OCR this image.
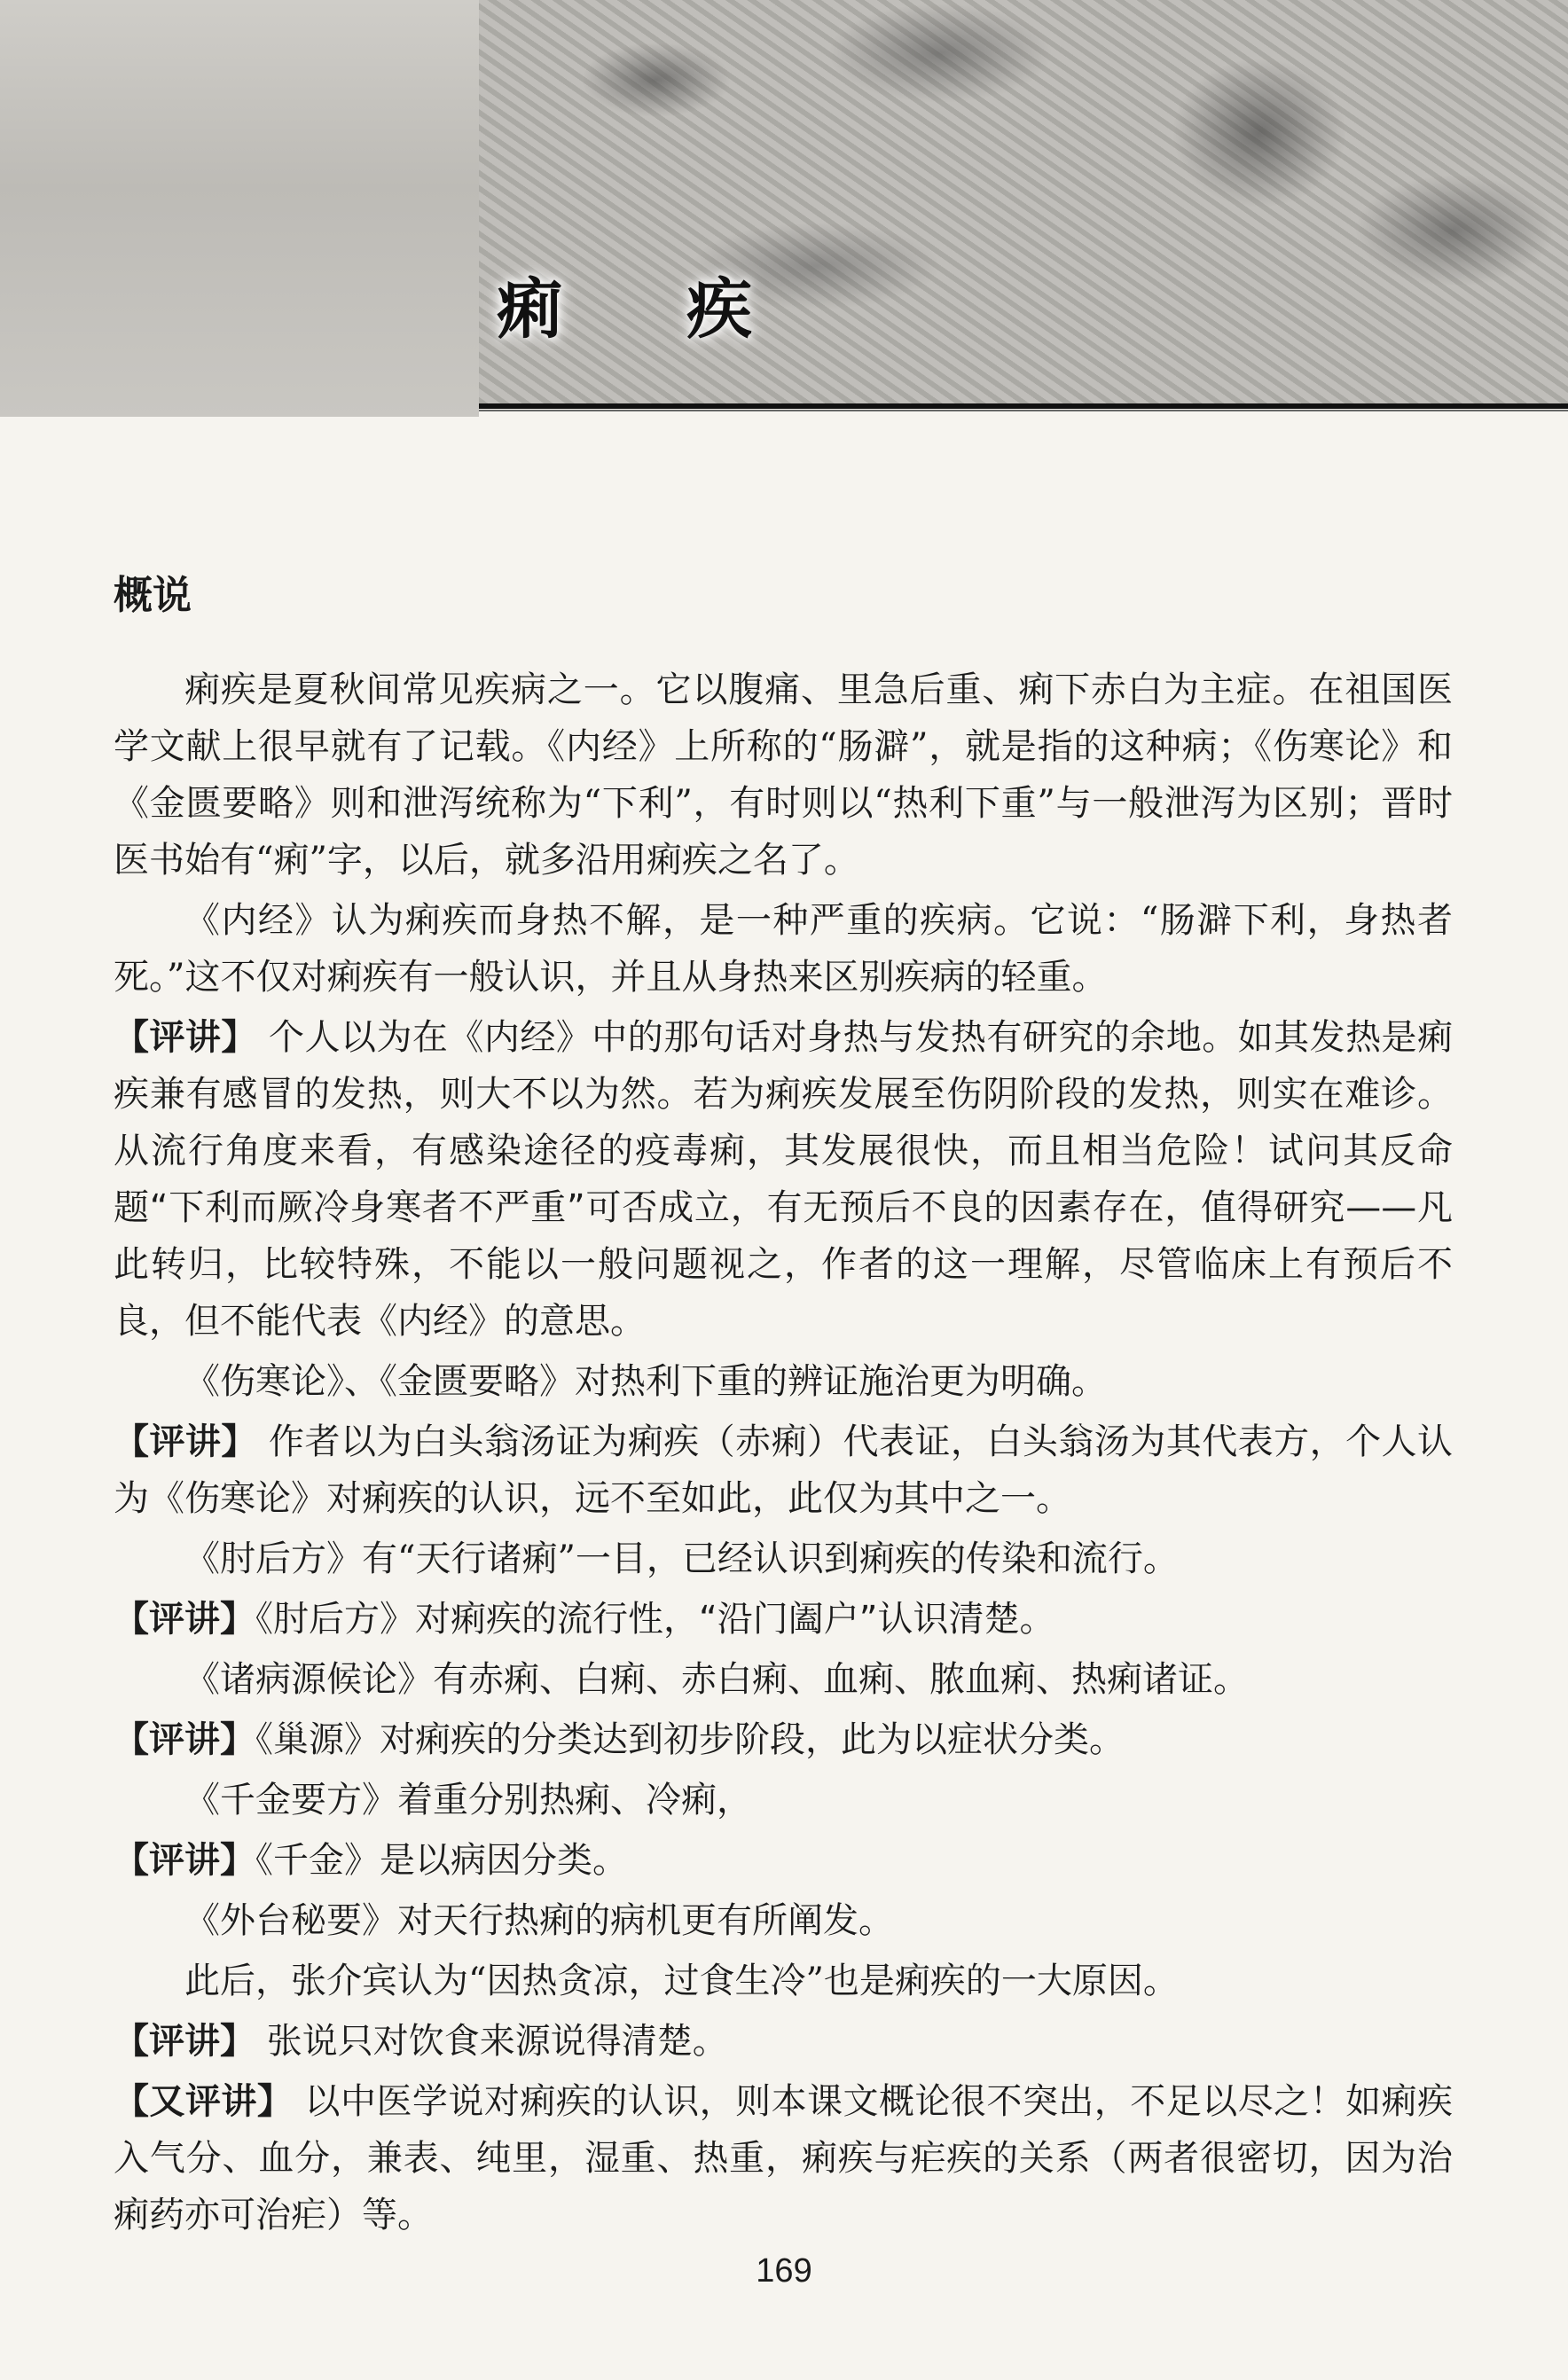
痢疾
概说

痢疾是夏秋间常见疾病之一。它以腹痛、里急后重、痢下赤白为主症。在祖国医学文献上很早就有了记载。《内经》上所称的“肠澼”，就是指的这种病；《伤寒论》和《金匮要略》则和泄泻统称为“下利”，有时则以“热利下重”与一般泄泻为区别；晋时医书始有“痢”字，以后，就多沿用痢疾之名了。

《内经》认为痢疾而身热不解，是一种严重的疾病。它说：“肠澼下利，身热者死。”这不仅对痢疾有一般认识，并且从身热来区别疾病的轻重。

【评讲】 个人以为在《内经》中的那句话对身热与发热有研究的余地。如其发热是痢疾兼有感冒的发热，则大不以为然。若为痢疾发展至伤阴阶段的发热，则实在难诊。从流行角度来看，有感染途径的疫毒痢，其发展很快，而且相当危险！试问其反命题“下利而厥冷身寒者不严重”可否成立，有无预后不良的因素存在，值得研究——凡此转归，比较特殊，不能以一般问题视之，作者的这一理解，尽管临床上有预后不良，但不能代表《内经》的意思。

《伤寒论》、《金匮要略》对热利下重的辨证施治更为明确。

【评讲】 作者以为白头翁汤证为痢疾（赤痢）代表证，白头翁汤为其代表方，个人认为《伤寒论》对痢疾的认识，远不至如此，此仅为其中之一。

《肘后方》有“天行诸痢”一目，已经认识到痢疾的传染和流行。

【评讲】《肘后方》对痢疾的流行性，“沿门阖户”认识清楚。

《诸病源候论》有赤痢、白痢、赤白痢、血痢、脓血痢、热痢诸证。

【评讲】《巢源》对痢疾的分类达到初步阶段，此为以症状分类。

《千金要方》着重分别热痢、冷痢，

【评讲】《千金》是以病因分类。

《外台秘要》对天行热痢的病机更有所阐发。

此后，张介宾认为“因热贪凉，过食生冷”也是痢疾的一大原因。

【评讲】 张说只对饮食来源说得清楚。

【又评讲】 以中医学说对痢疾的认识，则本课文概论很不突出，不足以尽之！如痢疾入气分、血分，兼表、纯里，湿重、热重，痢疾与疟疾的关系（两者很密切，因为治痢药亦可治疟）等。

169
